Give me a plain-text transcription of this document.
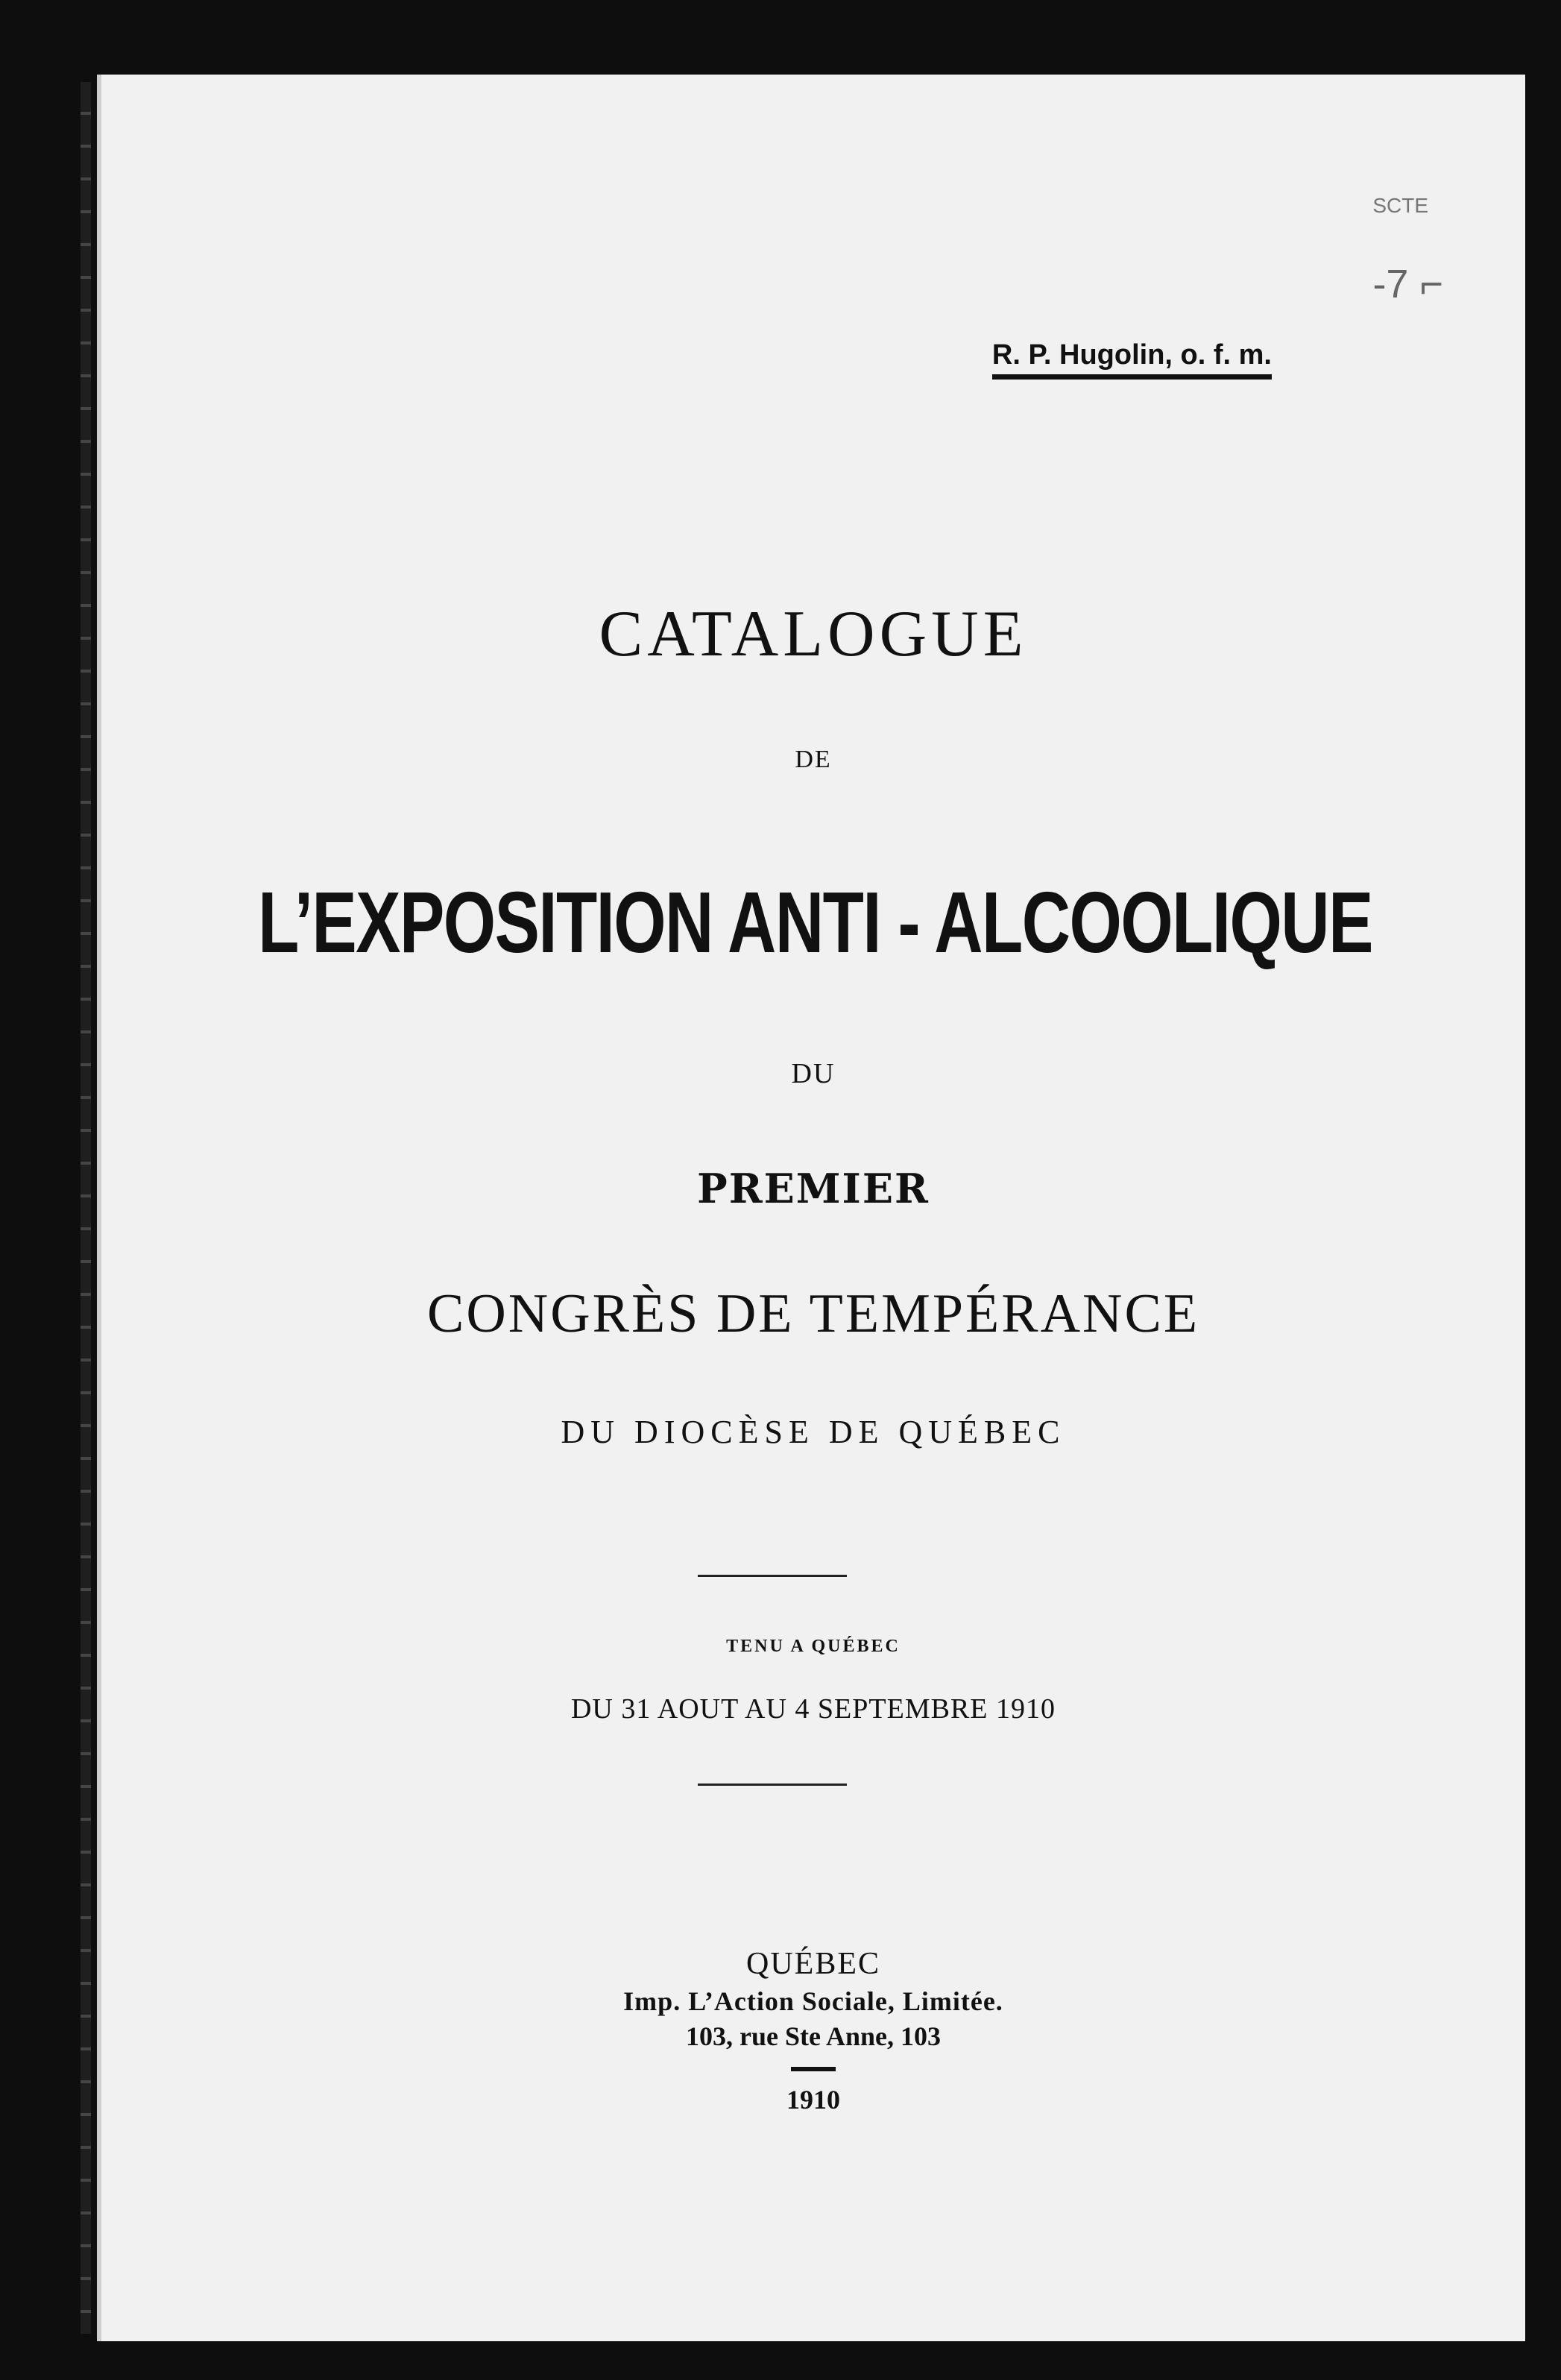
SCTE
-7 ⌐
R. P. Hugolin, o. f. m.
CATALOGUE
DE
L’EXPOSITION ANTI - ALCOOLIQUE
DU
PREMIER
CONGRÈS DE TEMPÉRANCE
DU DIOCÈSE DE QUÉBEC
TENU A QUÉBEC
DU 31 AOUT AU 4 SEPTEMBRE 1910
QUÉBEC
Imp. L’Action Sociale, Limitée.
103, rue Ste Anne, 103
1910
